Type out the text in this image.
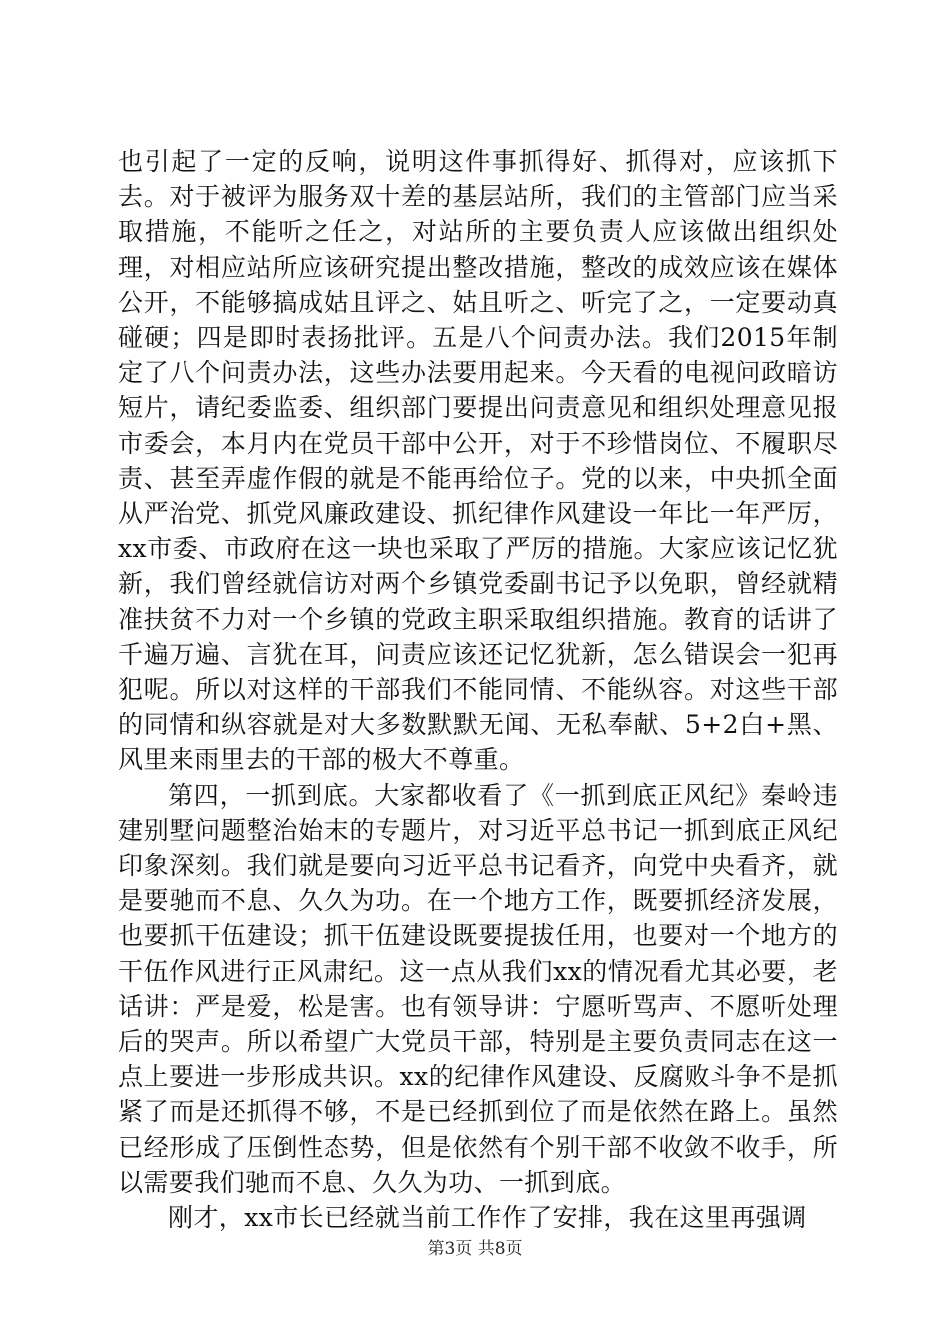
也引起了一定的反响，说明这件事抓得好、抓得对，应该抓下去。对于被评为服务双十差的基层站所，我们的主管部门应当采取措施，不能听之任之，对站所的主要负责人应该做出组织处理，对相应站所应该研究提出整改措施，整改的成效应该在媒体公开，不能够搞成姑且评之、姑且听之、听完了之，一定要动真碰硬；四是即时表扬批评。五是八个问责办法。我们2015年制定了八个问责办法，这些办法要用起来。今天看的电视问政暗访短片，请纪委监委、组织部门要提出问责意见和组织处理意见报市委会，本月内在党员干部中公开，对于不珍惜岗位、不履职尽责、甚至弄虚作假的就是不能再给位子。党的以来，中央抓全面从严治党、抓党风廉政建设、抓纪律作风建设一年比一年严厉，xx市委、市政府在这一块也采取了严厉的措施。大家应该记忆犹新，我们曾经就信访对两个乡镇党委副书记予以免职，曾经就精准扶贫不力对一个乡镇的党政主职采取组织措施。教育的话讲了千遍万遍、言犹在耳，问责应该还记忆犹新，怎么错误会一犯再犯呢。所以对这样的干部我们不能同情、不能纵容。对这些干部的同情和纵容就是对大多数默默无闻、无私奉献、5+2白+黑、风里来雨里去的干部的极大不尊重。

第四，一抓到底。大家都收看了《一抓到底正风纪》秦岭违建别墅问题整治始末的专题片，对习近平总书记一抓到底正风纪印象深刻。我们就是要向习近平总书记看齐，向党中央看齐，就是要驰而不息、久久为功。在一个地方工作，既要抓经济发展，也要抓干伍建设；抓干伍建设既要提拔任用，也要对一个地方的干伍作风进行正风肃纪。这一点从我们xx的情况看尤其必要，老话讲：严是爱，松是害。也有领导讲：宁愿听骂声、不愿听处理后的哭声。所以希望广大党员干部，特别是主要负责同志在这一点上要进一步形成共识。xx的纪律作风建设、反腐败斗争不是抓紧了而是还抓得不够，不是已经抓到位了而是依然在路上。虽然已经形成了压倒性态势，但是依然有个别干部不收敛不收手，所以需要我们驰而不息、久久为功、一抓到底。

刚才，xx市长已经就当前工作作了安排，我在这里再强调

第3页 共8页
